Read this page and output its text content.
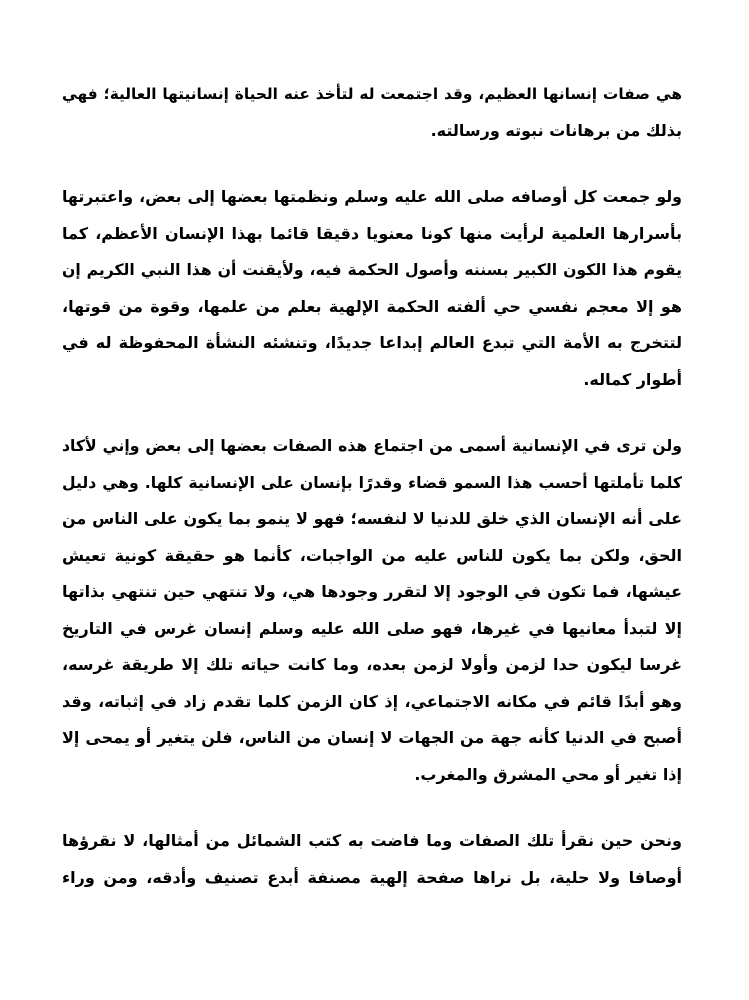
هي صفات إنسانها العظيم، وقد اجتمعت له لتأخذ عنه الحياة إنسانيتها العالية؛ فهي
بذلك من برهانات نبوته ورسالته.

ولو جمعت كل أوصافه صلى الله عليه وسلم ونظمتها بعضها إلى بعض، واعتبرتها
بأسرارها العلمية لرأيت منها كونا معنويا دقيقا قائما بهذا الإنسان الأعظم، كما
يقوم هذا الكون الكبير بسننه وأصول الحكمة فيه، ولأيقنت أن هذا النبي الكريم إن
هو إلا معجم نفسي حي ألفته الحكمة الإلهية بعلم من علمها، وقوة من قوتها،
لتتخرج به الأمة التي تبدع العالم إبداعا جديدًا، وتنشئه النشأة المحفوظة له في
أطوار كماله.

ولن ترى في الإنسانية أسمى من اجتماع هذه الصفات بعضها إلى بعض وإني لأكاد
كلما تأملتها أحسب هذا السمو قضاء وقدرًا بإنسان على الإنسانية كلها. وهي دليل
على أنه الإنسان الذي خلق للدنيا لا لنفسه؛ فهو لا ينمو بما يكون على الناس من
الحق، ولكن بما يكون للناس عليه من الواجبات، كأنما هو حقيقة كونية تعيش
عيشها، فما تكون في الوجود إلا لتقرر وجودها هي، ولا تنتهي حين تنتهي بذاتها
إلا لتبدأ معانيها في غيرها، فهو صلى الله عليه وسلم إنسان غرس في التاريخ
غرسا ليكون حدا لزمن وأولا لزمن بعده، وما كانت حياته تلك إلا طريقة غرسه،
وهو أبدًا قائم في مكانه الاجتماعي، إذ كان الزمن كلما تقدم زاد في إثباته، وقد
أصبح في الدنيا كأنه جهة من الجهات لا إنسان من الناس، فلن يتغير أو يمحى إلا
إذا تغير أو محي المشرق والمغرب.

ونحن حين نقرأ تلك الصفات وما فاضت به كتب الشمائل من أمثالها، لا نقرؤها
أوصافا ولا حلية، بل نراها صفحة إلهية مصنفة أبدع تصنيف وأدقه، ومن وراء
